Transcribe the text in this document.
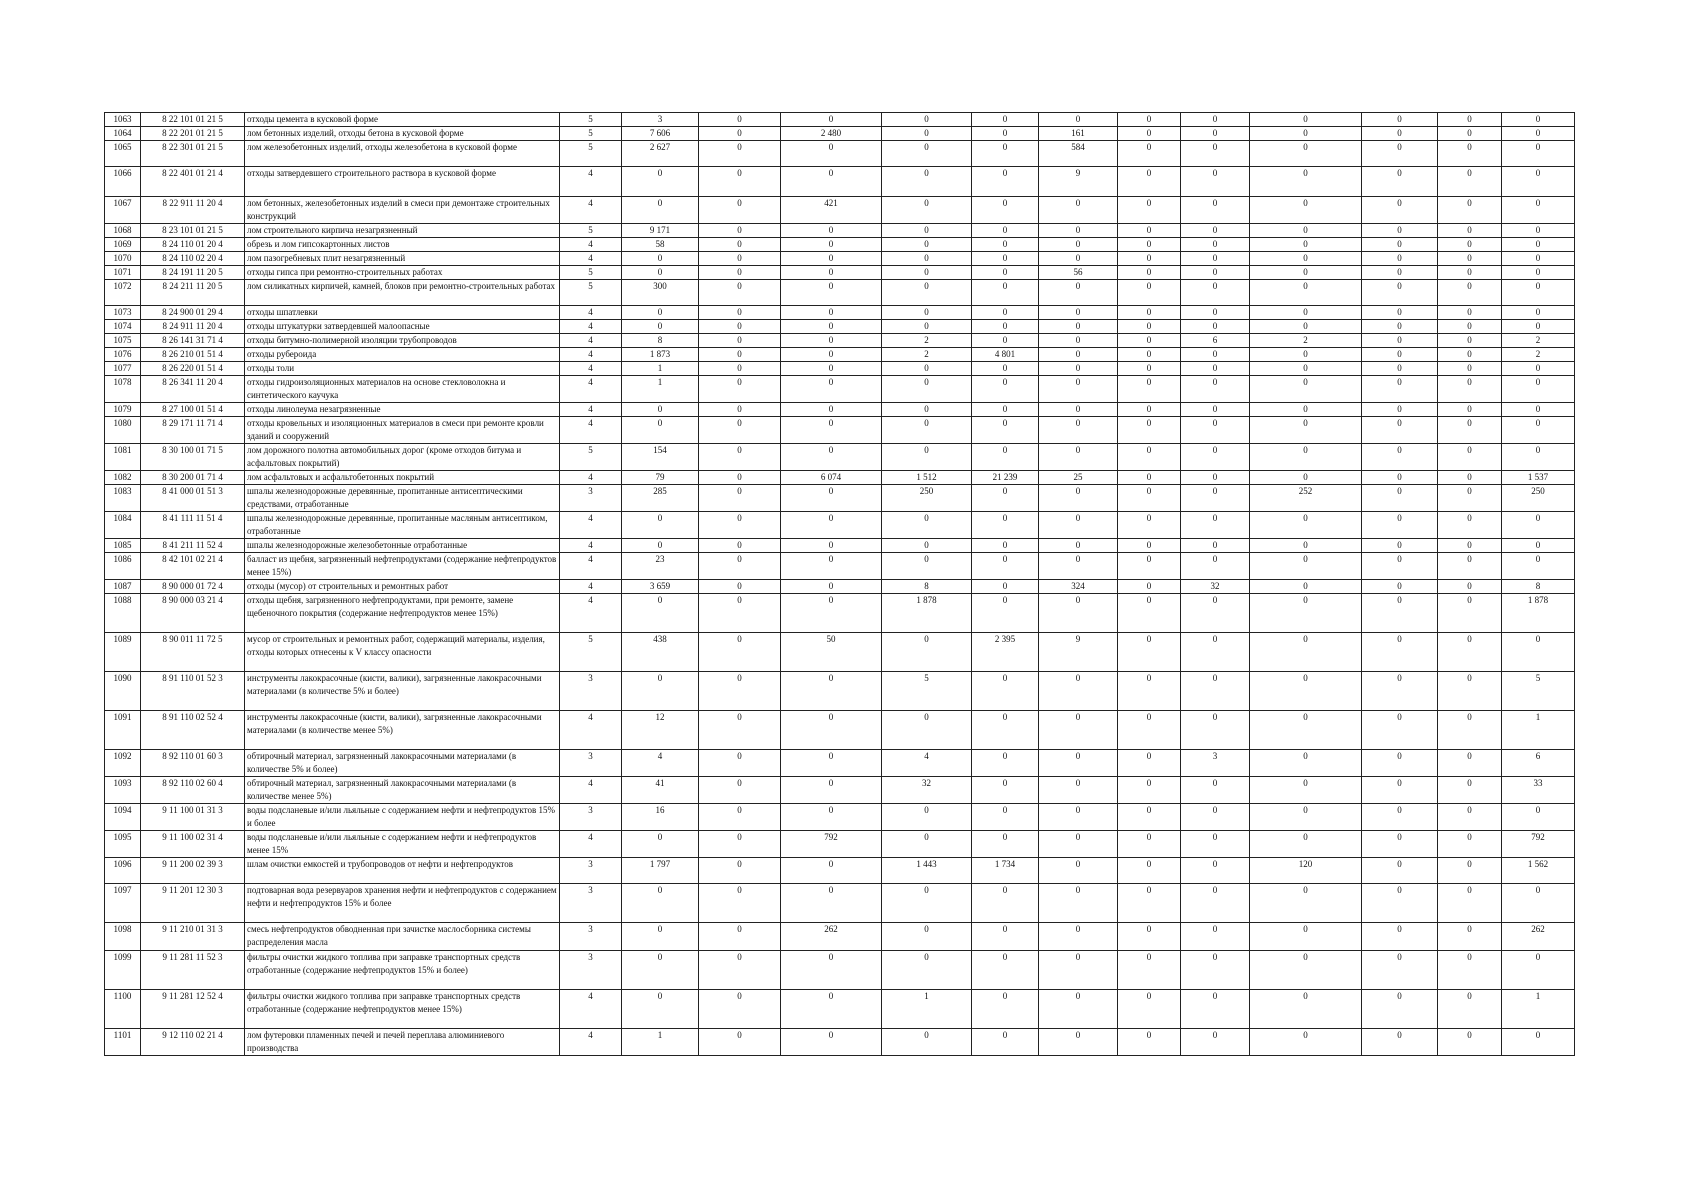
1063	8 22 101 01 21 5	отходы цемента в кусковой форме	5	3	0	0	0	0	0	0	0	0	0	0	0
1064	8 22 201 01 21 5	лом бетонных изделий, отходы бетона в кусковой форме	5	7 606	0	2 480	0	0	161	0	0	0	0	0	0
1065	8 22 301 01 21 5	лом железобетонных изделий, отходы железобетона в кусковой форме	5	2 627	0	0	0	0	584	0	0	0	0	0	0
1066	8 22 401 01 21 4	отходы затвердевшего строительного раствора в кусковой форме	4	0	0	0	0	0	9	0	0	0	0	0	0
1067	8 22 911 11 20 4	лом бетонных, железобетонных изделий в смеси при демонтаже строительных конструкций	4	0	0	421	0	0	0	0	0	0	0	0	0
1068	8 23 101 01 21 5	лом строительного кирпича незагрязненный	5	9 171	0	0	0	0	0	0	0	0	0	0	0
1069	8 24 110 01 20 4	обрезь и лом гипсокартонных листов	4	58	0	0	0	0	0	0	0	0	0	0	0
1070	8 24 110 02 20 4	лом пазогребневых плит незагрязненный	4	0	0	0	0	0	0	0	0	0	0	0	0
1071	8 24 191 11 20 5	отходы гипса при ремонтно-строительных работах	5	0	0	0	0	0	56	0	0	0	0	0	0
1072	8 24 211 11 20 5	лом силикатных кирпичей, камней, блоков при ремонтно-строительных работах	5	300	0	0	0	0	0	0	0	0	0	0	0
1073	8 24 900 01 29 4	отходы шпатлевки	4	0	0	0	0	0	0	0	0	0	0	0	0
1074	8 24 911 11 20 4	отходы штукатурки затвердевшей малоопасные	4	0	0	0	0	0	0	0	0	0	0	0	0
1075	8 26 141 31 71 4	отходы битумно-полимерной изоляции трубопроводов	4	8	0	0	2	0	0	0	6	2	0	0	2
1076	8 26 210 01 51 4	отходы рубероида	4	1 873	0	0	2	4 801	0	0	0	0	0	0	2
1077	8 26 220 01 51 4	отходы толи	4	1	0	0	0	0	0	0	0	0	0	0	0
1078	8 26 341 11 20 4	отходы гидроизоляционных материалов на основе стекловолокна и синтетического каучука	4	1	0	0	0	0	0	0	0	0	0	0	0
1079	8 27 100 01 51 4	отходы линолеума незагрязненные	4	0	0	0	0	0	0	0	0	0	0	0	0
1080	8 29 171 11 71 4	отходы кровельных и изоляционных материалов в смеси при ремонте кровли зданий и сооружений	4	0	0	0	0	0	0	0	0	0	0	0	0
1081	8 30 100 01 71 5	лом дорожного полотна автомобильных дорог (кроме отходов битума и асфальтовых покрытий)	5	154	0	0	0	0	0	0	0	0	0	0	0
1082	8 30 200 01 71 4	лом асфальтовых и асфальтобетонных покрытий	4	79	0	6 074	1 512	21 239	25	0	0	0	0	0	1 537
1083	8 41 000 01 51 3	шпалы железнодорожные деревянные, пропитанные антисептическими средствами, отработанные	3	285	0	0	250	0	0	0	0	252	0	0	250
1084	8 41 111 11 51 4	шпалы железнодорожные деревянные, пропитанные масляным антисептиком, отработанные	4	0	0	0	0	0	0	0	0	0	0	0	0
1085	8 41 211 11 52 4	шпалы железнодорожные железобетонные отработанные	4	0	0	0	0	0	0	0	0	0	0	0	0
1086	8 42 101 02 21 4	балласт из щебня, загрязненный нефтепродуктами (содержание нефтепродуктов менее 15%)	4	23	0	0	0	0	0	0	0	0	0	0	0
1087	8 90 000 01 72 4	отходы (мусор) от строительных и ремонтных работ	4	3 659	0	0	8	0	324	0	32	0	0	0	8
1088	8 90 000 03 21 4	отходы щебня, загрязненного нефтепродуктами, при ремонте, замене щебеночного покрытия (содержание нефтепродуктов менее 15%)	4	0	0	0	1 878	0	0	0	0	0	0	0	1 878
1089	8 90 011 11 72 5	мусор от строительных и ремонтных работ, содержащий материалы, изделия, отходы которых отнесены к V классу опасности	5	438	0	50	0	2 395	9	0	0	0	0	0	0
1090	8 91 110 01 52 3	инструменты лакокрасочные (кисти, валики), загрязненные лакокрасочными материалами (в количестве 5% и более)	3	0	0	0	5	0	0	0	0	0	0	0	5
1091	8 91 110 02 52 4	инструменты лакокрасочные (кисти, валики), загрязненные лакокрасочными материалами (в количестве менее 5%)	4	12	0	0	0	0	0	0	0	0	0	0	1
1092	8 92 110 01 60 3	обтирочный материал, загрязненный лакокрасочными материалами (в количестве 5% и более)	3	4	0	0	4	0	0	0	3	0	0	0	6
1093	8 92 110 02 60 4	обтирочный материал, загрязненный лакокрасочными материалами (в количестве менее 5%)	4	41	0	0	32	0	0	0	0	0	0	0	33
1094	9 11 100 01 31 3	воды подсланевые и/или льяльные с содержанием нефти и нефтепродуктов 15% и более	3	16	0	0	0	0	0	0	0	0	0	0	0
1095	9 11 100 02 31 4	воды подсланевые и/или льяльные с содержанием нефти и нефтепродуктов менее 15%	4	0	0	792	0	0	0	0	0	0	0	0	792
1096	9 11 200 02 39 3	шлам очистки емкостей и трубопроводов от нефти и нефтепродуктов	3	1 797	0	0	1 443	1 734	0	0	0	120	0	0	1 562
1097	9 11 201 12 30 3	подтоварная вода резервуаров хранения нефти и нефтепродуктов с содержанием нефти и нефтепродуктов 15% и более	3	0	0	0	0	0	0	0	0	0	0	0	0
1098	9 11 210 01 31 3	смесь нефтепродуктов обводненная при зачистке маслосборника системы распределения масла	3	0	0	262	0	0	0	0	0	0	0	0	262
1099	9 11 281 11 52 3	фильтры очистки жидкого топлива при заправке транспортных средств отработанные (содержание нефтепродуктов 15% и более)	3	0	0	0	0	0	0	0	0	0	0	0	0
1100	9 11 281 12 52 4	фильтры очистки жидкого топлива при заправке транспортных средств отработанные (содержание нефтепродуктов менее 15%)	4	0	0	0	1	0	0	0	0	0	0	0	1
1101	9 12 110 02 21 4	лом футеровки пламенных печей и печей переплава алюминиевого производства	4	1	0	0	0	0	0	0	0	0	0	0	0
